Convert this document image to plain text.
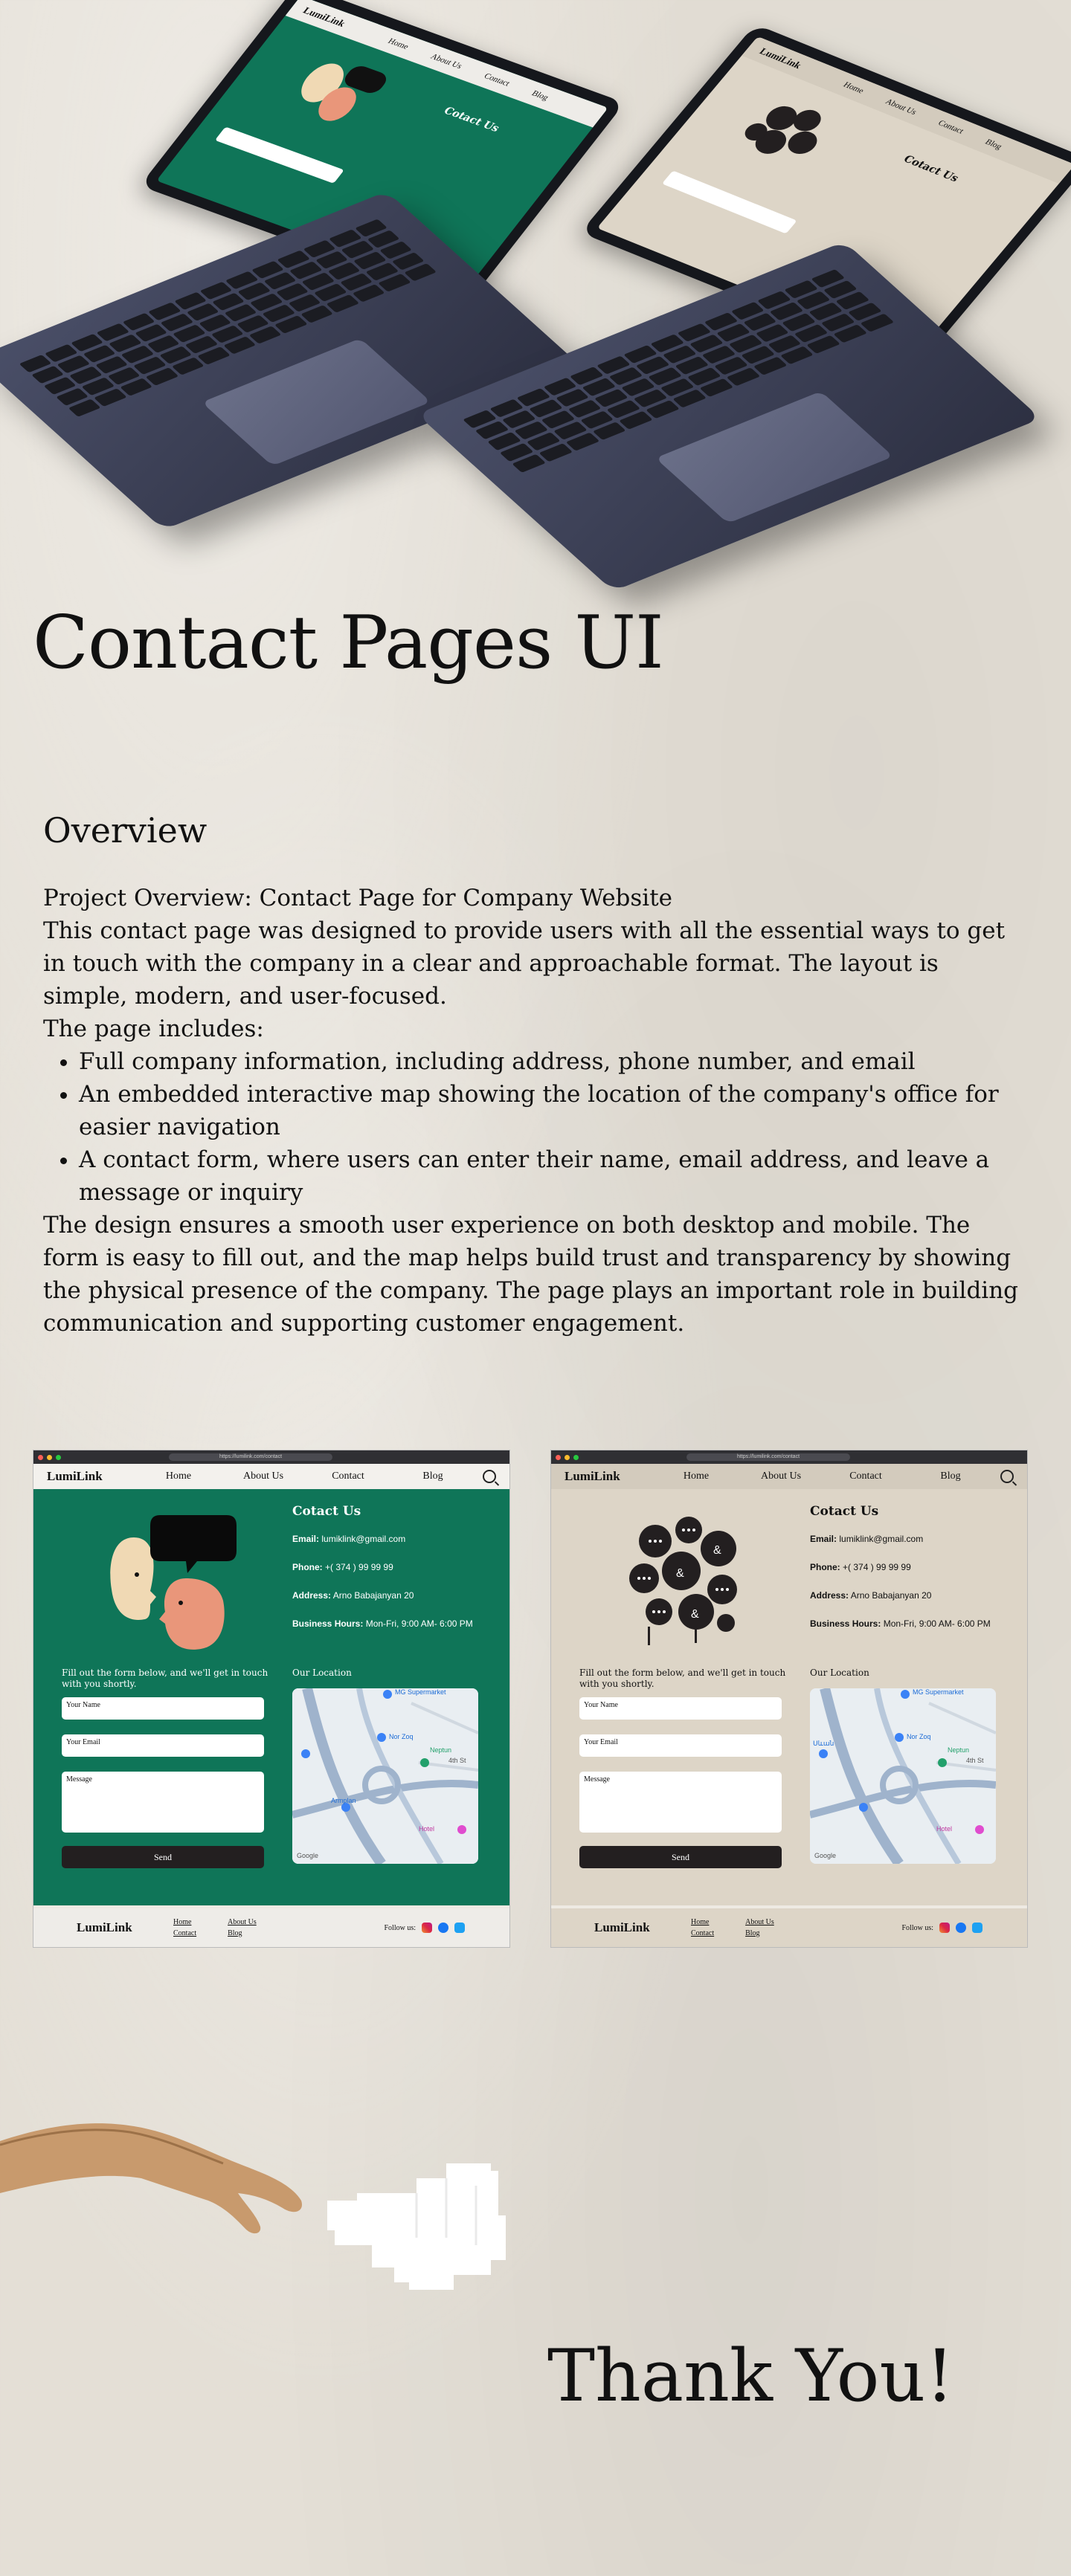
LumiLink
Home
About Us
Contact
Blog
Cotact Us
LumiLink
Home
About Us
Contact
Blog
Cotact Us
Contact Pages UI
Overview
Project Overview: Contact Page for Company Website
This contact page was designed to provide users with all the essential ways to get in touch with the company in a clear and approachable format. The layout is simple, modern, and user-focused.
The page includes:
• Full company information, including address, phone number, and email
• An embedded interactive map showing the location of the company's office for easier navigation
• A contact form, where users can enter their name, email address, and leave a message or inquiry
The design ensures a smooth user experience on both desktop and mobile. The form is easy to fill out, and the map helps build trust and transparency by showing the physical presence of the company. The page plays an important role in building communication and supporting customer engagement.
https://lumilink.com/contact
LumiLink	Home	About Us	Contact	Blog
Cotact Us

Email: lumiklink@gmail.com

Phone: +( 374 ) 99 99 99

Address: Arno Babajanyan 20

Business Hours: Mon-Fri, 9:00 AM- 6:00 PM

Fill out the form below, and we'll get in touch with you shortly.
Your Name
Your Email
Message
Send
Our Location
MG Supermarket
Nor Zoq
4th St
Neptun
Armplan
Hotel
Google
LumiLink	Home
Contact
About Us
Blog
Follow us:
https://lumilink.com/contact
LumiLink	Home	About Us	Contact	Blog
&
&
&
Cotact Us

Email: lumiklink@gmail.com

Phone: +( 374 ) 99 99 99

Address: Arno Babajanyan 20

Business Hours: Mon-Fri, 9:00 AM- 6:00 PM

Fill out the form below, and we'll get in touch with you shortly.
Your Name
Your Email
Message
Send
Our Location
MG Supermarket
Nor Zoq
4th St
Neptun
Սևան
Hotel
Google
LumiLink	Home
Contact
About Us
Blog
Follow us:
Thank You!
